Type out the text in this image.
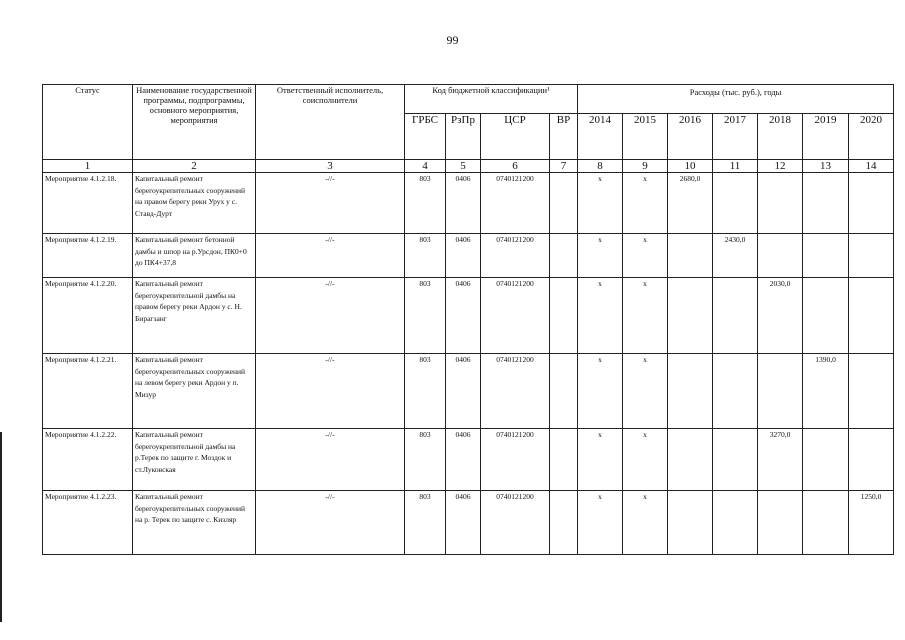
99
Статус	Наименование государственной программы, подпрограммы, основного мероприятия, мероприятия	Ответственный исполнитель, соисполнители	Код бюджетной классификации¹				Расходы (тыс. руб.), годы						
			ГРБС	РзПр	ЦСР	ВР	2014	2015	2016	2017	2018	2019	2020
1	2	3	4	5	6	7	8	9	10	11	12	13	14
Мероприятие 4.1.2.18.	Капитальный ремонт берегоукрепительных сооружений на правом берегу реки Урух у с. Ставд-Дурт	-//-	803	0406	0740121200		x	x	2680,0				
Мероприятие 4.1.2.19.	Капитальный ремонт бетонной дамбы и шпор на р.Урсдон, ПК0+0 до ПК4+37,8	-//-	803	0406	0740121200		x	x		2430,0			
Мероприятие 4.1.2.20.	Капитальный ремонт берегоукрепительной дамбы на правом берегу реки Ардон у с. Н. Бирагзанг	-//-	803	0406	0740121200		x	x			2030,0		
Мероприятие 4.1.2.21.	Капитальный ремонт берегоукрепительных сооружений на левом берегу реки Ардон у п. Мизур	-//-	803	0406	0740121200		x	x				1390,0	
Мероприятие 4.1.2.22.	Капитальный ремонт берегоукрепительной дамбы на р.Терек по защите г. Моздок и ст.Луковская	-//-	803	0406	0740121200		x	x			3270,0		
Мероприятие 4.1.2.23.	Капитальный ремонт берегоукрепительных сооружений на р. Терек по защите с. Кизляр	-//-	803	0406	0740121200		x	x					1250,0
